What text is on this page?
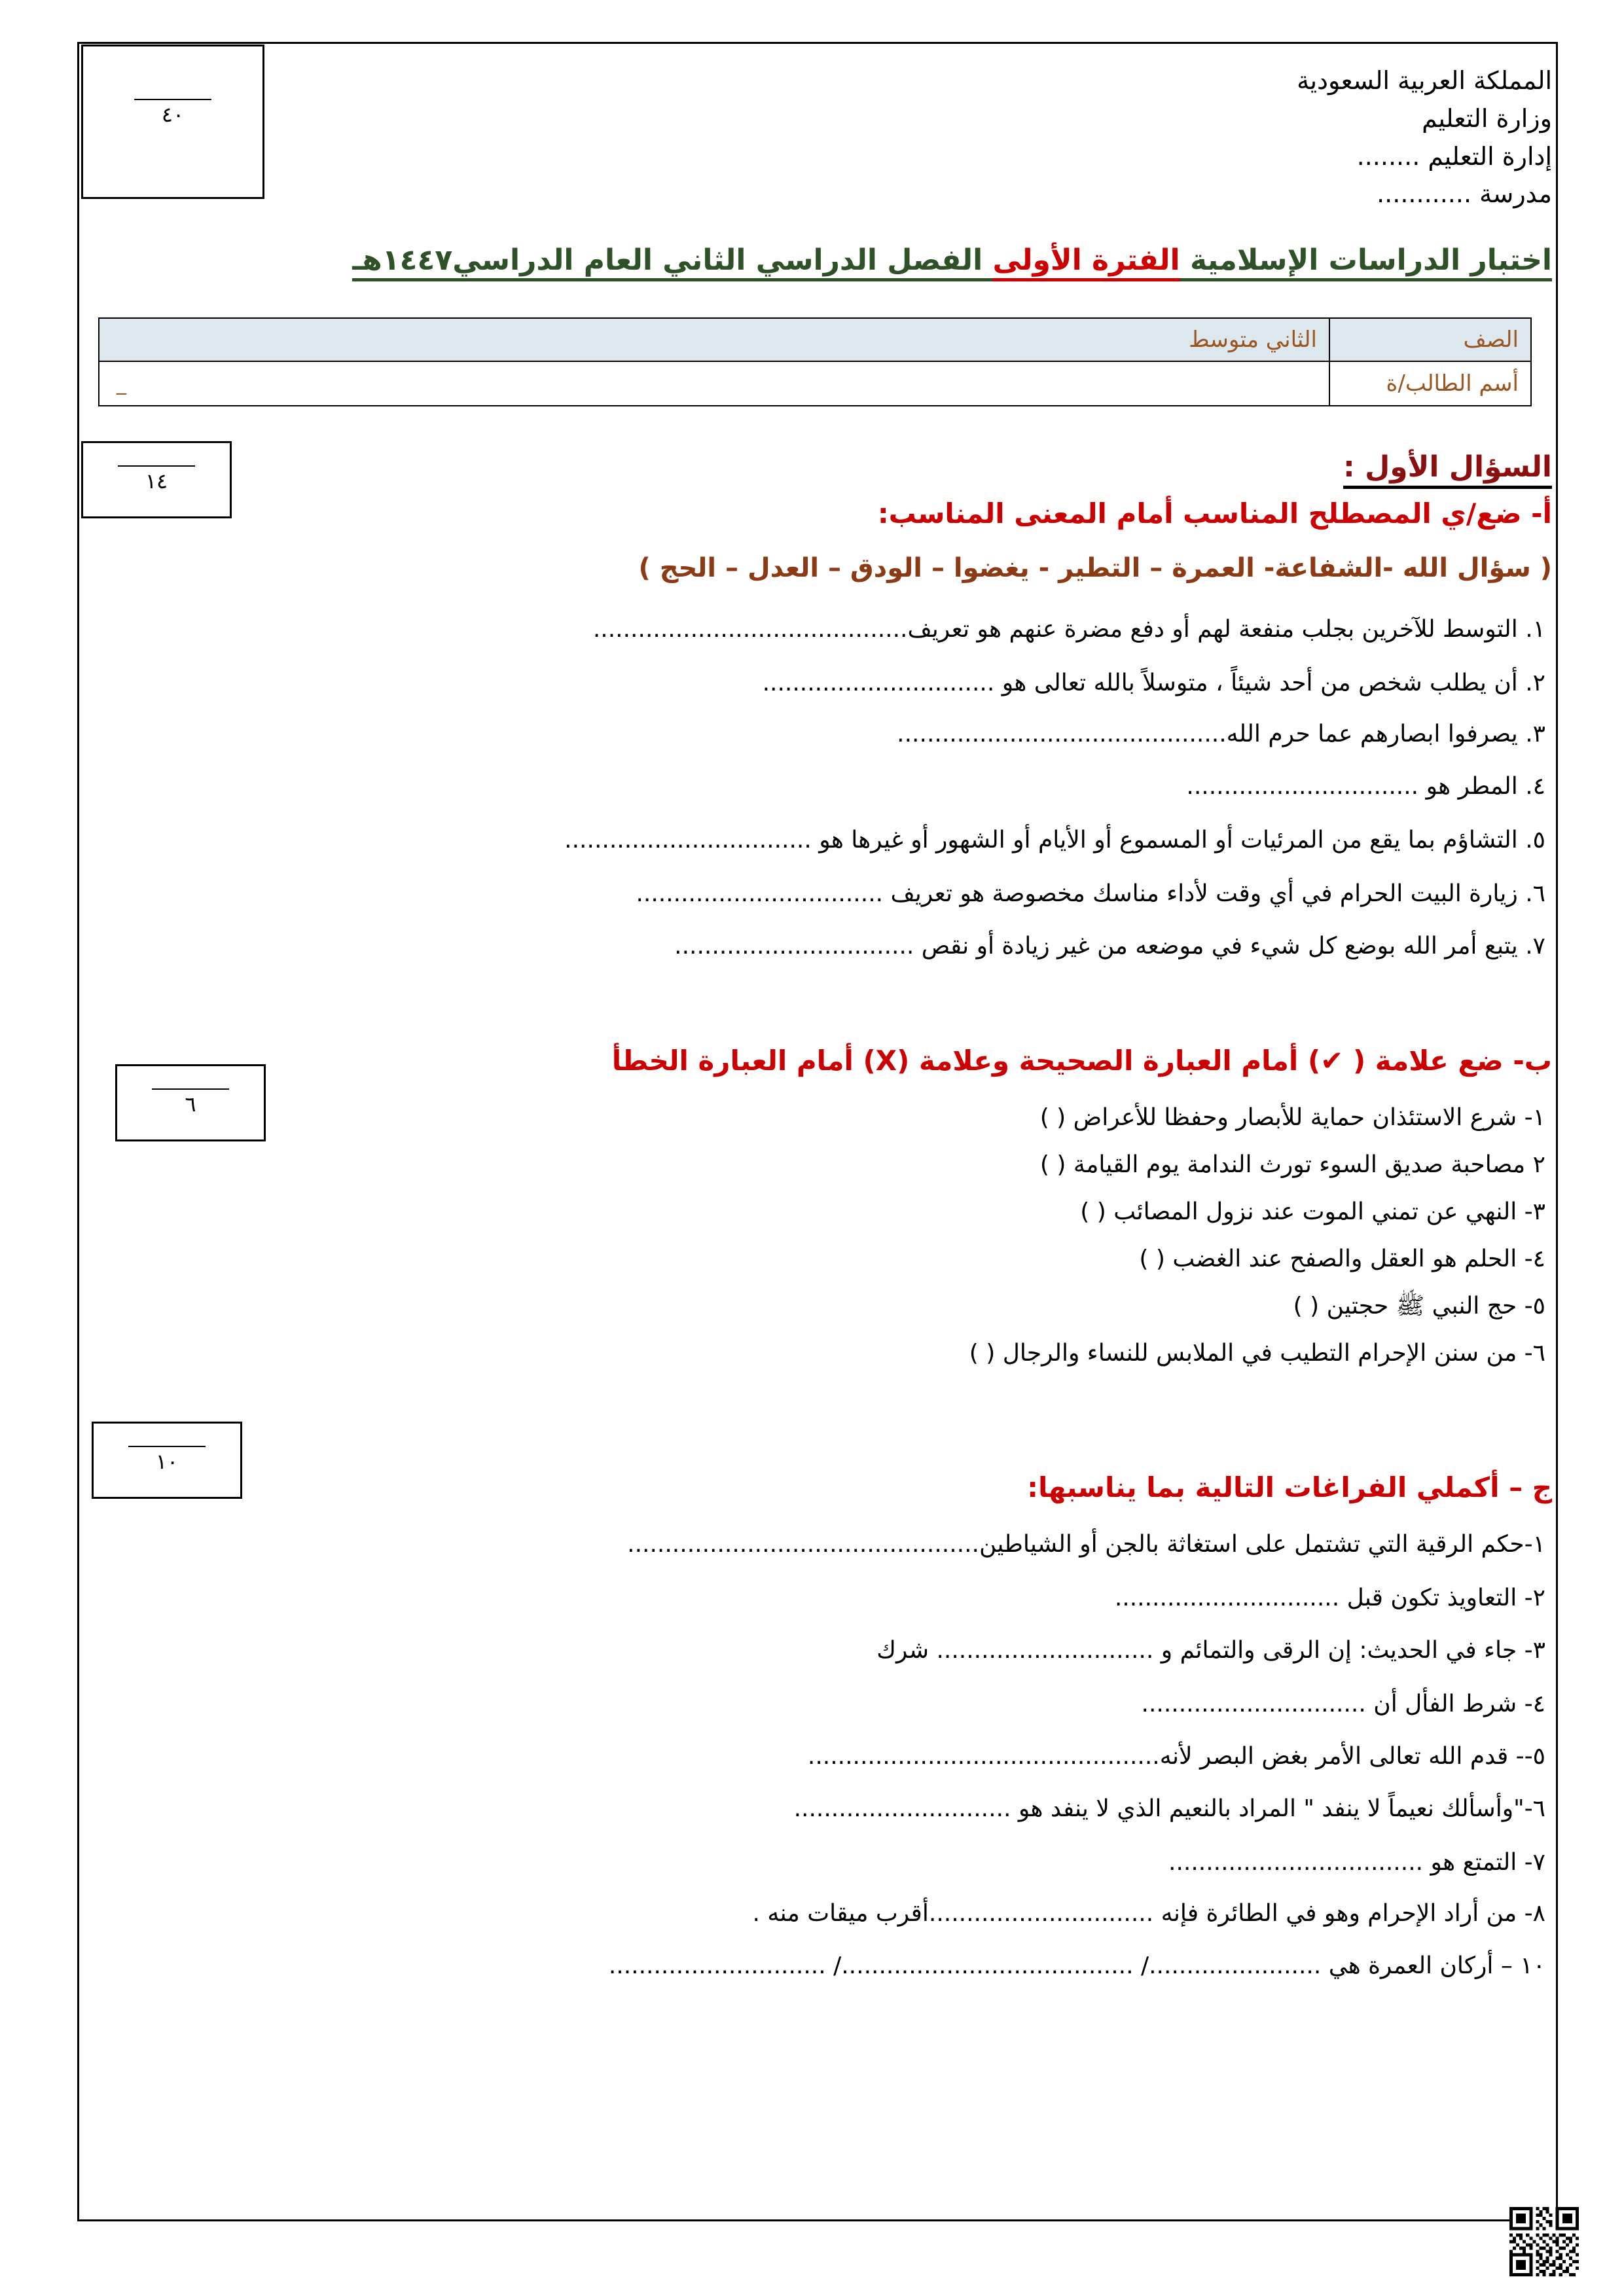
٤٠
١٤
٦
١٠
المملكة العربية السعودية
وزارة التعليم
إدارة التعليم ........
مدرسة ............
اختبار الدراسات الإسلامية الفترة الأولى الفصل الدراسي الثاني العام الدراسي١٤٤٧هـ
الصف	الثاني متوسط
أسم الطالب/ة	_
السؤال الأول :
أ- ضع/ي المصطلح المناسب أمام المعنى المناسب:
( سؤال الله -الشفاعة- العمرة – التطير - يغضوا – الودق – العدل – الحج )
١. التوسط للآخرين بجلب منفعة لهم أو دفع مضرة عنهم هو تعريف..........................................
٢. أن يطلب شخص من أحد شيئاً ، متوسلاً بالله تعالى هو ...............................
٣. يصرفوا ابصارهم عما حرم الله............................................
٤. المطر هو ...............................
٥. التشاؤم بما يقع من المرئيات أو المسموع أو الأيام أو الشهور أو غيرها هو .................................
٦. زيارة البيت الحرام في أي وقت لأداء مناسك مخصوصة هو تعريف .................................
٧. يتبع أمر الله بوضع كل شيء في موضعه من غير زيادة أو نقص ................................
ب- ضع علامة ( ✔) أمام العبارة الصحيحة وعلامة (X) أمام العبارة الخطأ
١- شرع الاستئذان حماية للأبصار وحفظا للأعراض ( )
٢ مصاحبة صديق السوء تورث الندامة يوم القيامة ( )
٣- النهي عن تمني الموت عند نزول المصائب ( )
٤- الحلم هو العقل والصفح عند الغضب ( )
٥- حج النبي ﷺ حجتين ( )
٦- من سنن الإحرام التطيب في الملابس للنساء والرجال ( )
ج – أكملي الفراغات التالية بما يناسبها:
١-حكم الرقية التي تشتمل على استغاثة بالجن أو الشياطين...............................................
٢- التعاويذ تكون قبل ..............................
٣- جاء في الحديث: إن الرقى والتمائم و ............................. شرك
٤- شرط الفأل أن ..............................
٥-- قدم الله تعالى الأمر بغض البصر لأنه...............................................
٦-"وأسألك نعيماً لا ينفد " المراد بالنعيم الذي لا ينفد هو .............................
٧- التمتع هو ..................................
٨- من أراد الإحرام وهو في الطائرة فإنه ..............................أقرب ميقات منه .
١٠ – أركان العمرة هي ......................./ ......................................./ .............................
